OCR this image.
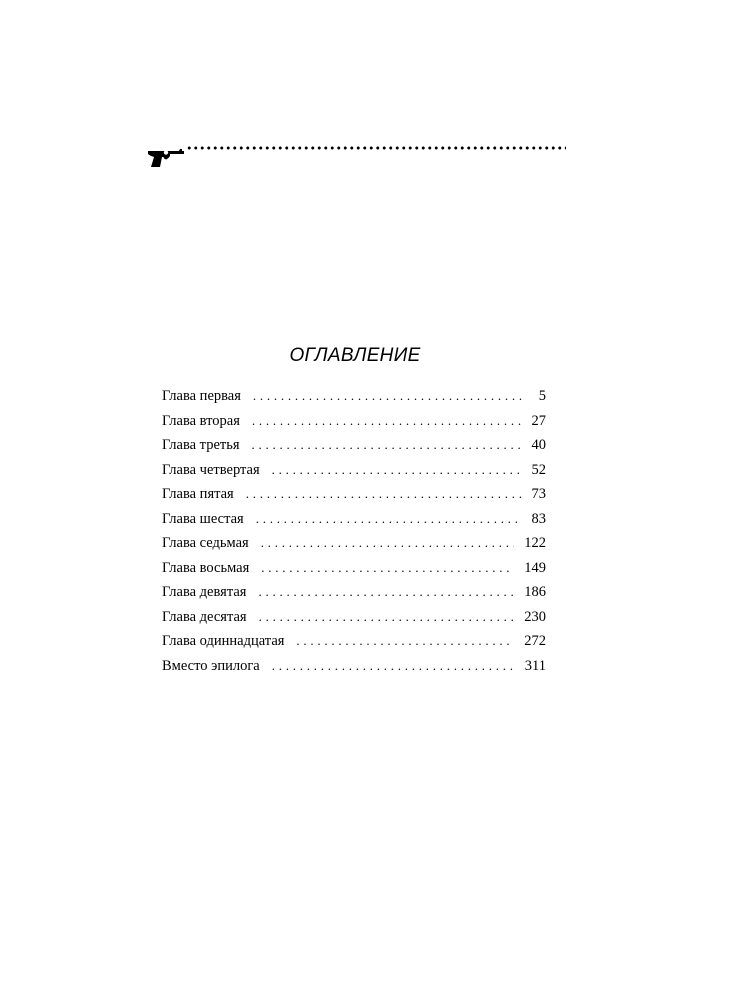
ОГЛАВЛЕНИЕ
Глава первая . . .	5
Глава вторая . . .	27
Глава третья . . .	40
Глава четвертая . . .	52
Глава пятая . . .	73
Глава шестая . . .	83
Глава седьмая . . .	122
Глава восьмая . . .	149
Глава девятая . . .	186
Глава десятая . . .	230
Глава одиннадцатая . . .	272
Вместо эпилога . . .	311
